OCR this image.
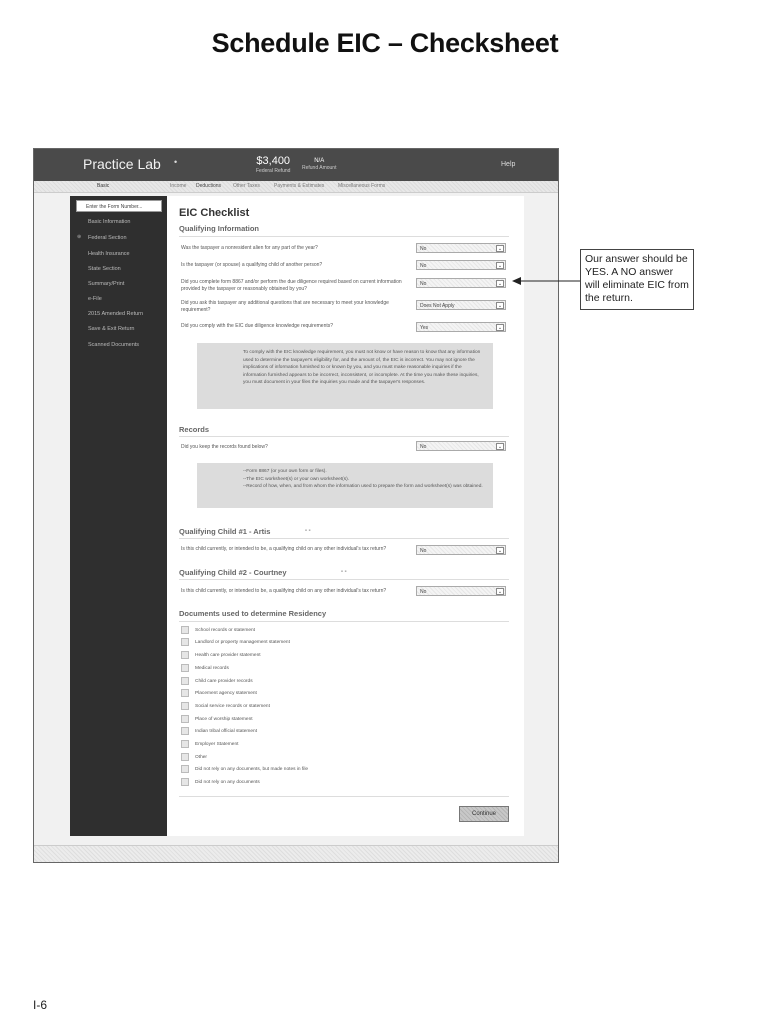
Schedule EIC – Checksheet
Practice Lab •	$3,400
Federal Refund
N/A
Refund Amount	Help
Basic	Income Deductions Other Taxes	Payments & Estimates	Miscellaneous Forms
Enter the Form Number...
Basic Information
⊕ Federal Section
Health Insurance
State Section
Summary/Print
e-File
2015 Amended Return
Save & Exit Return
Scanned Documents
EIC Checklist
Qualifying Information
Was the taxpayer a nonresident alien for any part of the year?	No	⌄
Is the taxpayer (or spouse) a qualifying child of another person?	No	⌄
Did you complete form 8867 and/or perform the due diligence required based on current information provided by the taxpayer or reasonably obtained by you?
No	⌄
Did you ask this taxpayer any additional questions that are necessary to meet your knowledge requirement?
Does Not Apply	⌄
Did you comply with the EIC due diligence knowledge requirements?	Yes	⌄
To comply with the EIC knowledge requirement, you must not know or have reason to know that any information used to determine the taxpayer's eligibility for, and the amount of, the EIC is incorrect. You may not ignore the implications of information furnished to or known by you, and you must make reasonable inquiries if the information furnished appears to be incorrect, inconsistent, or incomplete. At the time you make these inquiries, you must document in your files the inquiries you made and the taxpayer's responses.
Records
Did you keep the records found below?	No	⌄
--Form 8867 (or your own form or files).
--The EIC worksheet(s) or your own worksheet(s).
--Record of how, when, and from whom the information used to prepare the form and worksheet(s) was obtained.
Qualifying Child #1 - Artis	- -
Is this child currently, or intended to be, a qualifying child on any other individual's tax return?	No	⌄
Qualifying Child #2 - Courtney	- -
Is this child currently, or intended to be, a qualifying child on any other individual's tax return?	No	⌄
Documents used to determine Residency
School records or statement
Landlord or property management statement
Health care provider statement
Medical records
Child care provider records
Placement agency statement
Social service records or statement
Place of worship statement
Indian tribal official statement
Employer Statement
Other
Did not rely on any documents, but made notes in file
Did not rely on any documents
Continue
Our answer should be YES. A NO answer will eliminate EIC from the return.
I-6
